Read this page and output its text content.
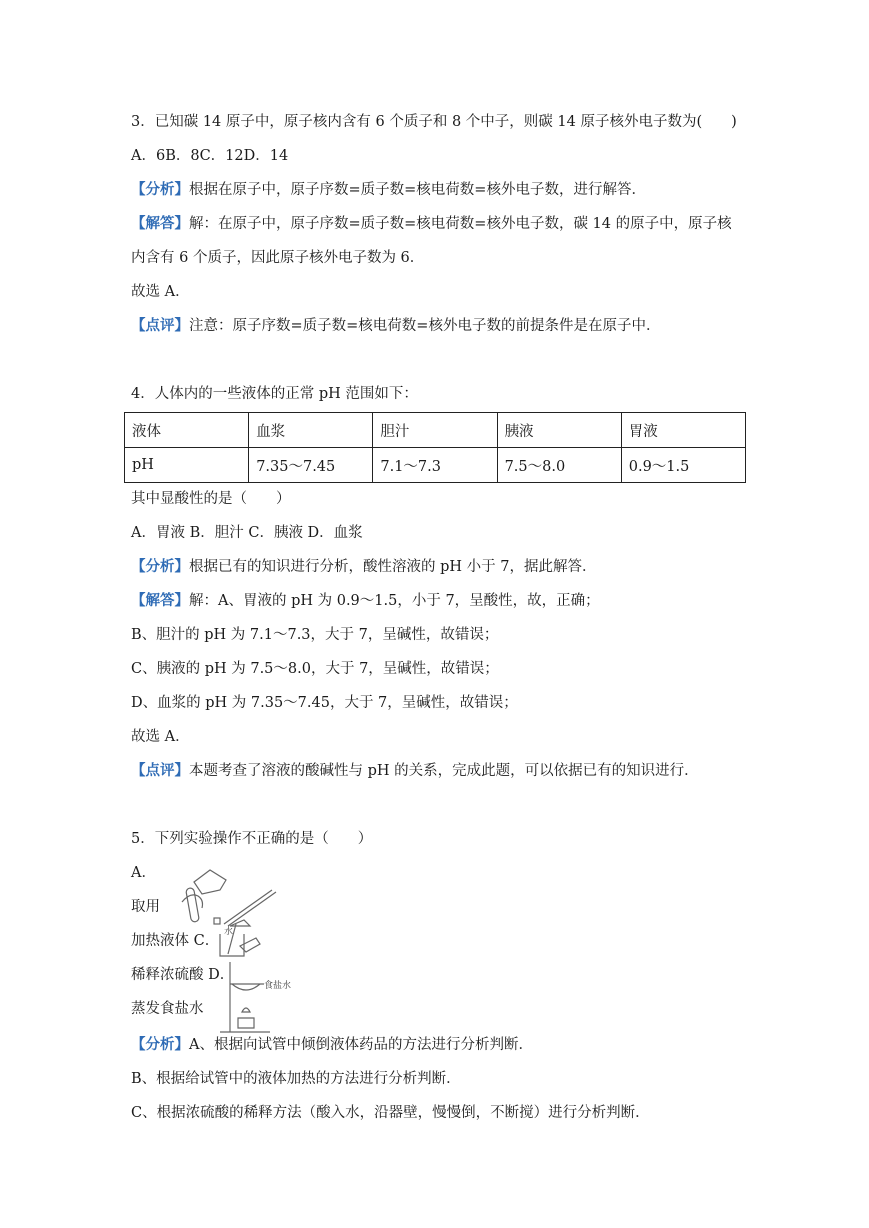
3．已知碳 14 原子中，原子核内含有 6 个质子和 8 个中子，则碳 14 原子核外电子数为(　　)
A．6B．8C．12D．14
【分析】根据在原子中，原子序数=质子数=核电荷数=核外电子数，进行解答．
【解答】解：在原子中，原子序数=质子数=核电荷数=核外电子数，碳 14 的原子中，原子核
内含有 6 个质子，因此原子核外电子数为 6．
故选 A．
【点评】注意：原子序数=质子数=核电荷数=核外电子数的前提条件是在原子中．
4．人体内的一些液体的正常 pH 范围如下：
液体	血浆	胆汁	胰液	胃液
pH	7.35～7.45	7.1～7.3	7.5～8.0	0.9～1.5
其中显酸性的是（　　）
A．胃液 B．胆汁 C．胰液 D．血浆
【分析】根据已有的知识进行分析，酸性溶液的 pH 小于 7，据此解答．
【解答】解：A、胃液的 pH 为 0.9～1.5，小于 7，呈酸性，故，正确；
B、胆汁的 pH 为 7.1～7.3，大于 7，呈碱性，故错误；
C、胰液的 pH 为 7.5～8.0，大于 7，呈碱性，故错误；
D、血浆的 pH 为 7.35～7.45，大于 7，呈碱性，故错误；
故选 A．
【点评】本题考查了溶液的酸碱性与 pH 的关系，完成此题，可以依据已有的知识进行．
5．下列实验操作不正确的是（　　）
A．
取用
加热液体 C．
稀释浓硫酸 D．
蒸发食盐水
水
食盐水
【分析】A、根据向试管中倾倒液体药品的方法进行分析判断．
B、根据给试管中的液体加热的方法进行分析判断．
C、根据浓硫酸的稀释方法（酸入水，沿器壁，慢慢倒，不断搅）进行分析判断．
